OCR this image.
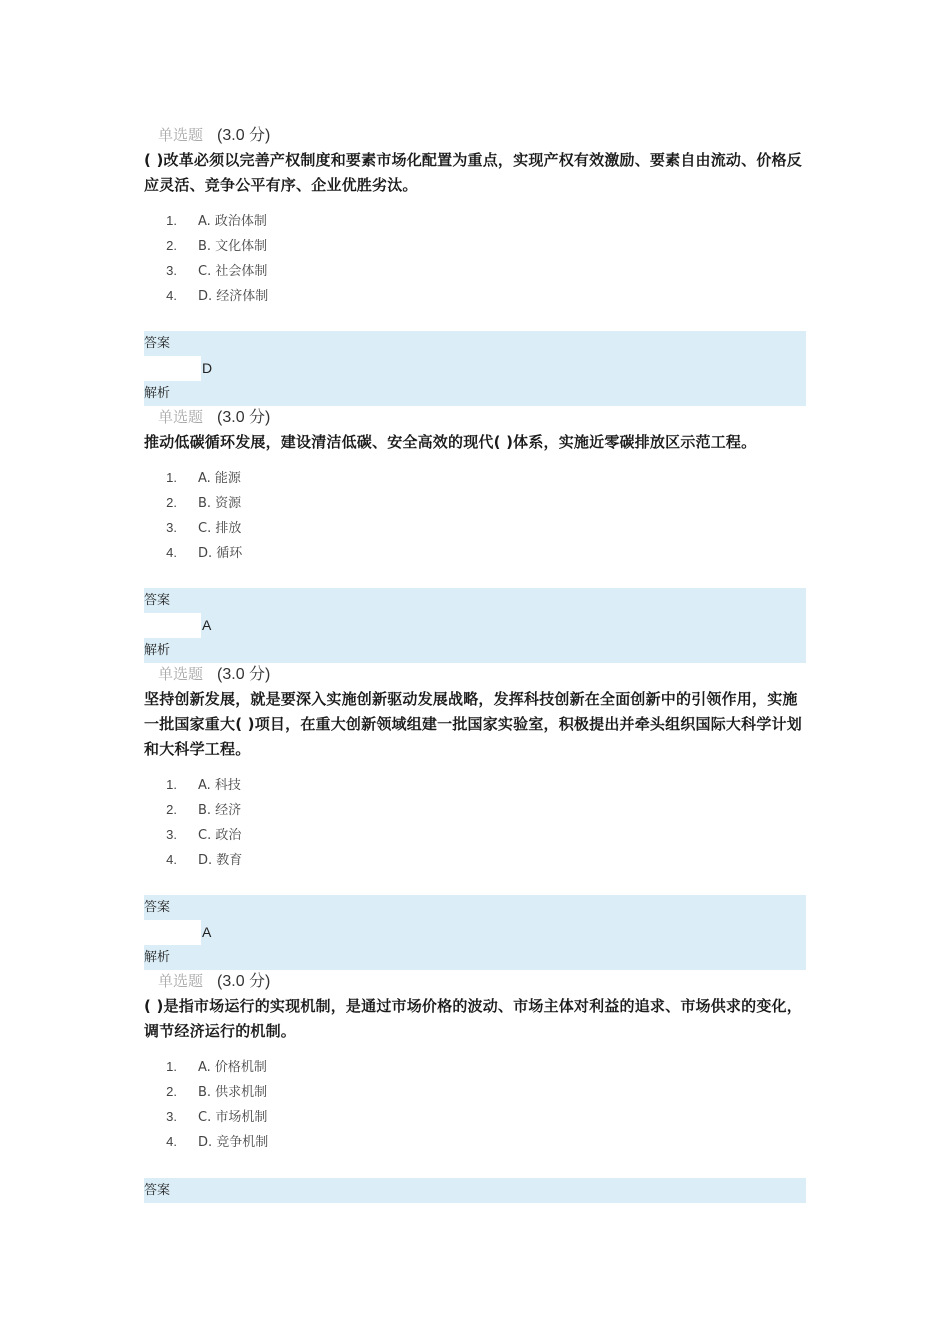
单选题 (3.0 分)
( )改革必须以完善产权制度和要素市场化配置为重点，实现产权有效激励、要素自由流动、价格反应灵活、竞争公平有序、企业优胜劣汰。
1. A. 政治体制
2. B. 文化体制
3. C. 社会体制
4. D. 经济体制
答案
D
解析
单选题 (3.0 分)
推动低碳循环发展，建设清洁低碳、安全高效的现代( )体系，实施近零碳排放区示范工程。
1. A. 能源
2. B. 资源
3. C. 排放
4. D. 循环
答案
A
解析
单选题 (3.0 分)
坚持创新发展，就是要深入实施创新驱动发展战略，发挥科技创新在全面创新中的引领作用，实施一批国家重大( )项目，在重大创新领域组建一批国家实验室，积极提出并牵头组织国际大科学计划和大科学工程。
1. A. 科技
2. B. 经济
3. C. 政治
4. D. 教育
答案
A
解析
单选题 (3.0 分)
( )是指市场运行的实现机制，是通过市场价格的波动、市场主体对利益的追求、市场供求的变化，调节经济运行的机制。
1. A. 价格机制
2. B. 供求机制
3. C. 市场机制
4. D. 竞争机制
答案
